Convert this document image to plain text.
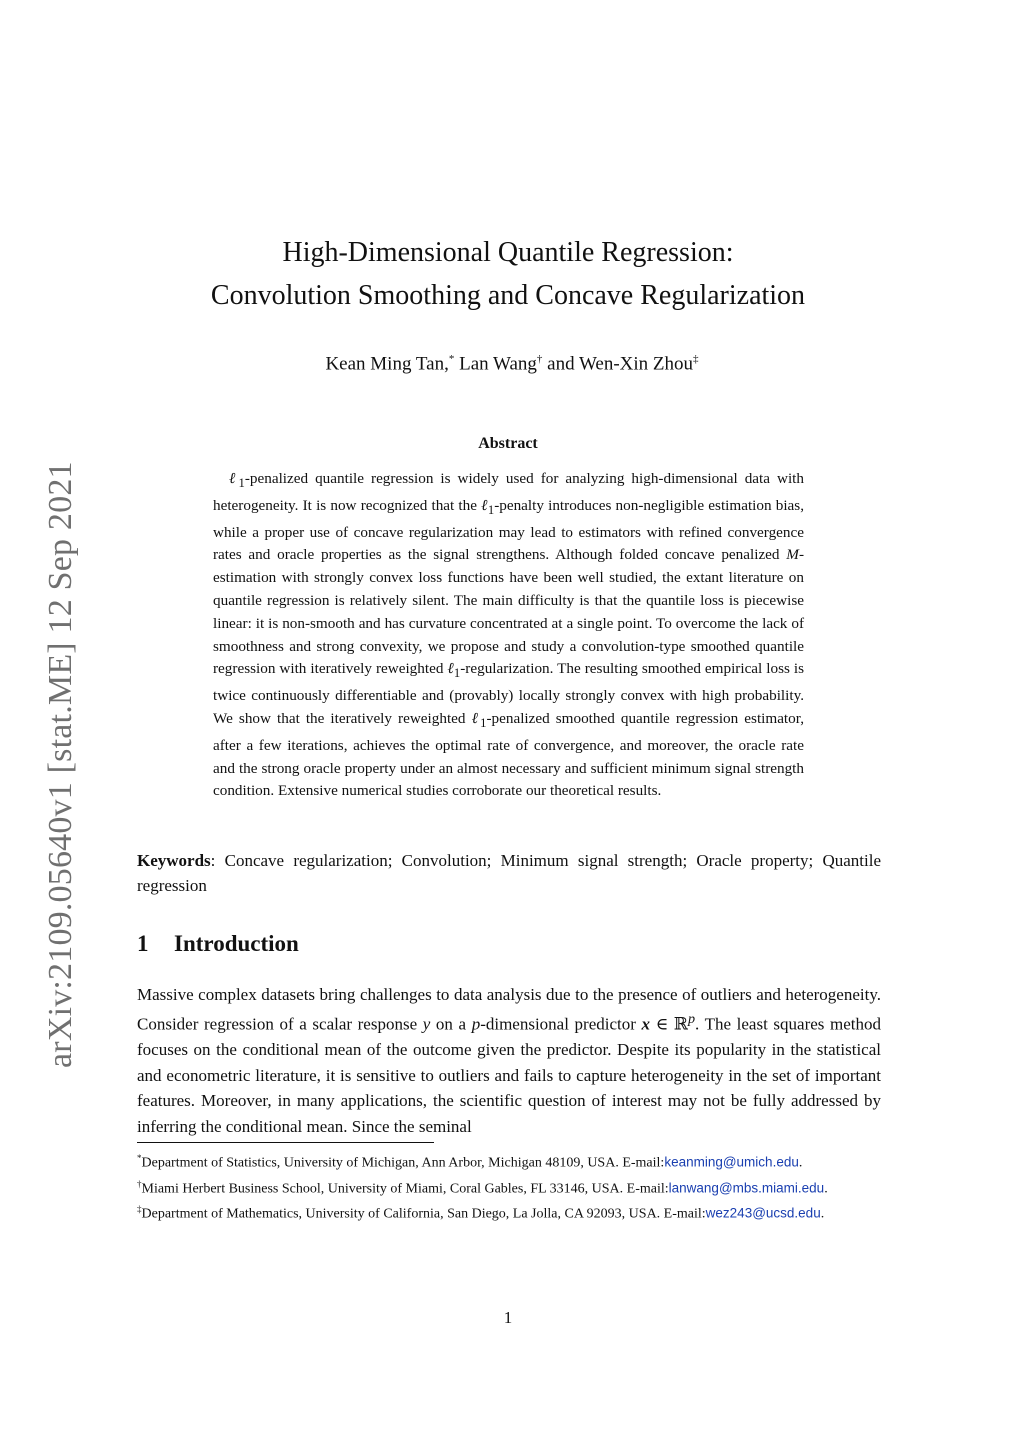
arXiv:2109.05640v1 [stat.ME] 12 Sep 2021
High-Dimensional Quantile Regression:
Convolution Smoothing and Concave Regularization
Kean Ming Tan,* Lan Wang† and Wen-Xin Zhou‡
Abstract
ℓ$_1$-penalized quantile regression is widely used for analyzing high-dimensional data with heterogeneity. It is now recognized that the ℓ$_1$-penalty introduces non-negligible estimation bias, while a proper use of concave regularization may lead to estimators with refined convergence rates and oracle properties as the signal strengthens. Although folded concave penalized M-estimation with strongly convex loss functions have been well studied, the extant literature on quantile regression is relatively silent. The main difficulty is that the quantile loss is piecewise linear: it is non-smooth and has curvature concentrated at a single point. To overcome the lack of smoothness and strong convexity, we propose and study a convolution-type smoothed quantile regression with iteratively reweighted ℓ$_1$-regularization. The resulting smoothed empirical loss is twice continuously differentiable and (provably) locally strongly convex with high probability. We show that the iteratively reweighted ℓ$_1$-penalized smoothed quantile regression estimator, after a few iterations, achieves the optimal rate of convergence, and moreover, the oracle rate and the strong oracle property under an almost necessary and sufficient minimum signal strength condition. Extensive numerical studies corroborate our theoretical results.
Keywords: Concave regularization; Convolution; Minimum signal strength; Oracle property; Quantile regression
1 Introduction
Massive complex datasets bring challenges to data analysis due to the presence of outliers and heterogeneity. Consider regression of a scalar response y on a p-dimensional predictor x ∈ ℝ$^p$. The least squares method focuses on the conditional mean of the outcome given the predictor. Despite its popularity in the statistical and econometric literature, it is sensitive to outliers and fails to capture heterogeneity in the set of important features. Moreover, in many applications, the scientific question of interest may not be fully addressed by inferring the conditional mean. Since the seminal

*Department of Statistics, University of Michigan, Ann Arbor, Michigan 48109, USA. E-mail:keanming@umich.edu.

†Miami Herbert Business School, University of Miami, Coral Gables, FL 33146, USA. E-mail:lanwang@mbs.miami.edu.

‡Department of Mathematics, University of California, San Diego, La Jolla, CA 92093, USA. E-mail:wez243@ucsd.edu.

1
